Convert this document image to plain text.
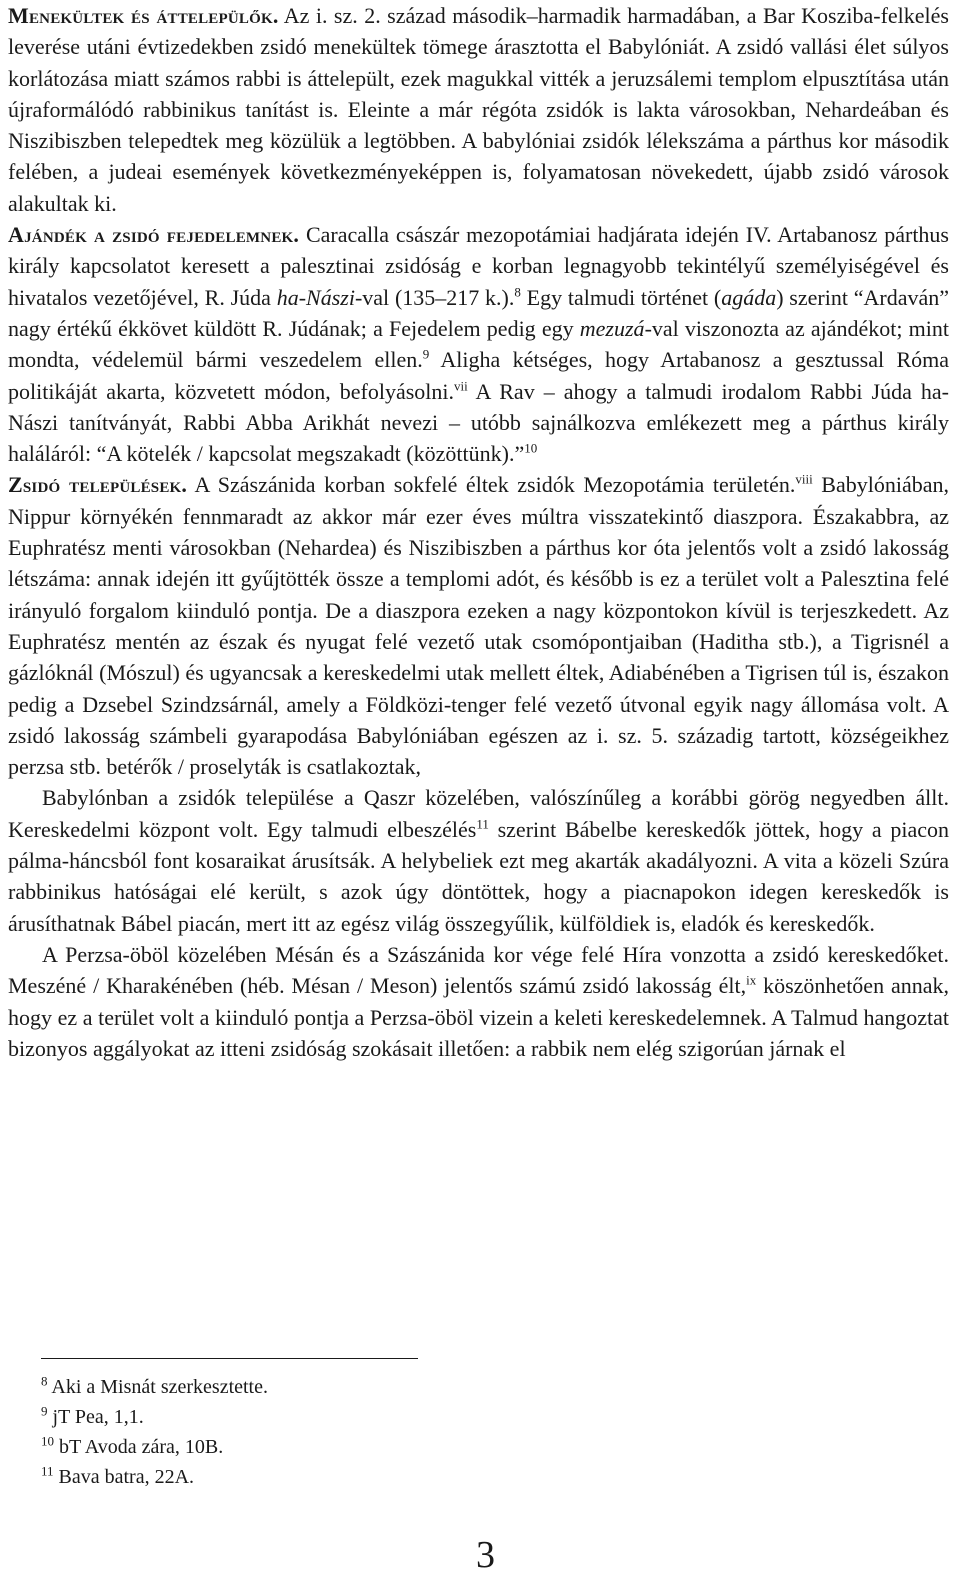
Menekültek és áttelepülők. Az i. sz. 2. század második–harmadik harmadában, a Bar Kosziba-felkelés leverése utáni évtizedekben zsidó menekültek tömege árasztotta el Babylóniát. A zsidó vallási élet súlyos korlátozása miatt számos rabbi is áttelepült, ezek magukkal vitték a jeruzsálemi templom elpusztítása után újraformálódó rabbinikus tanítást is. Eleinte a már régóta zsidók is lakta városokban, Nehardeában és Niszibiszben telepedtek meg közülük a legtöbben. A babylóniai zsidók lélekszáma a párthus kor második felében, a judeai események következményeképpen is, folyamatosan növekedett, újabb zsidó városok alakultak ki.

Ajándék a zsidó fejedelemnek. Caracalla császár mezopotámiai hadjárata idején IV. Artabanosz párthus király kapcsolatot keresett a palesztinai zsidóság e korban legnagyobb tekintélyű személyiségével és hivatalos vezetőjével, R. Júda ha-Nászi-val (135–217 k.).$^8$ Egy talmudi történet (agáda) szerint “Ardaván” nagy értékű ékkövet küldött R. Júdának; a Fejedelem pedig egy mezuzá-val viszonozta az ajándékot; mint mondta, védelemül bármi veszedelem ellen.$^9$ Aligha kétséges, hogy Artabanosz a gesztussal Róma politikáját akarta, közvetett módon, befolyásolni.$^{vii}$ A Rav – ahogy a talmudi irodalom Rabbi Júda ha-Nászi tanítványát, Rabbi Abba Arikhát nevezi – utóbb sajnálkozva emlékezett meg a párthus király haláláról: “A kötelék / kapcsolat megszakadt (közöttünk).”$^{10}$

Zsidó települések. A Szászánida korban sokfelé éltek zsidók Mezopotámia területén.$^{viii}$ Babylóniában, Nippur környékén fennmaradt az akkor már ezer éves múltra visszatekintő diaszpora. Északabbra, az Euphratész menti városokban (Nehardea) és Niszibiszben a párthus kor óta jelentős volt a zsidó lakosság létszáma: annak idején itt gyűjtötték össze a templomi adót, és később is ez a terület volt a Palesztina felé irányuló forgalom kiinduló pontja. De a diaszpora ezeken a nagy központokon kívül is terjeszkedett. Az Euphratész mentén az észak és nyugat felé vezető utak csomópontjaiban (Haditha stb.), a Tigrisnél a gázlóknál (Mószul) és ugyancsak a kereskedelmi utak mellett éltek, Adiabénében a Tigrisen túl is, északon pedig a Dzsebel Szindzsárnál, amely a Földközi-tenger felé vezető útvonal egyik nagy állomása volt. A zsidó lakosság számbeli gyarapodása Babylóniában egészen az i. sz. 5. századig tartott, községeikhez perzsa stb. betérők / proselyták is csatlakoztak,

Babylónban a zsidók települése a Qaszr közelében, valószínűleg a korábbi görög negyedben állt. Kereskedelmi központ volt. Egy talmudi elbeszélés$^{11}$ szerint Bábelbe kereskedők jöttek, hogy a piacon pálma-háncsból font kosaraikat árusítsák. A helybeliek ezt meg akarták akadályozni. A vita a közeli Szúra rabbinikus hatóságai elé került, s azok úgy döntöttek, hogy a piacnapokon idegen kereskedők is árusíthatnak Bábel piacán, mert itt az egész világ összegyűlik, külföldiek is, eladók és kereskedők.

A Perzsa-öböl közelében Mésán és a Szászánida kor vége felé Híra vonzotta a zsidó kereskedőket. Meszéné / Kharakénében (héb. Mésan / Meson) jelentős számú zsidó lakosság élt,$^{ix}$ köszönhetően annak, hogy ez a terület volt a kiinduló pontja a Perzsa-öböl vizein a keleti kereskedelemnek. A Talmud hangoztat bizonyos aggályokat az itteni zsidóság szokásait illetően: a rabbik nem elég szigorúan járnak el

$^8$ Aki a Misnát szerkesztette.

$^9$ jT Pea, 1,1.

$^{10}$ bT Avoda zára, 10B.

$^{11}$ Bava batra, 22A.

3
